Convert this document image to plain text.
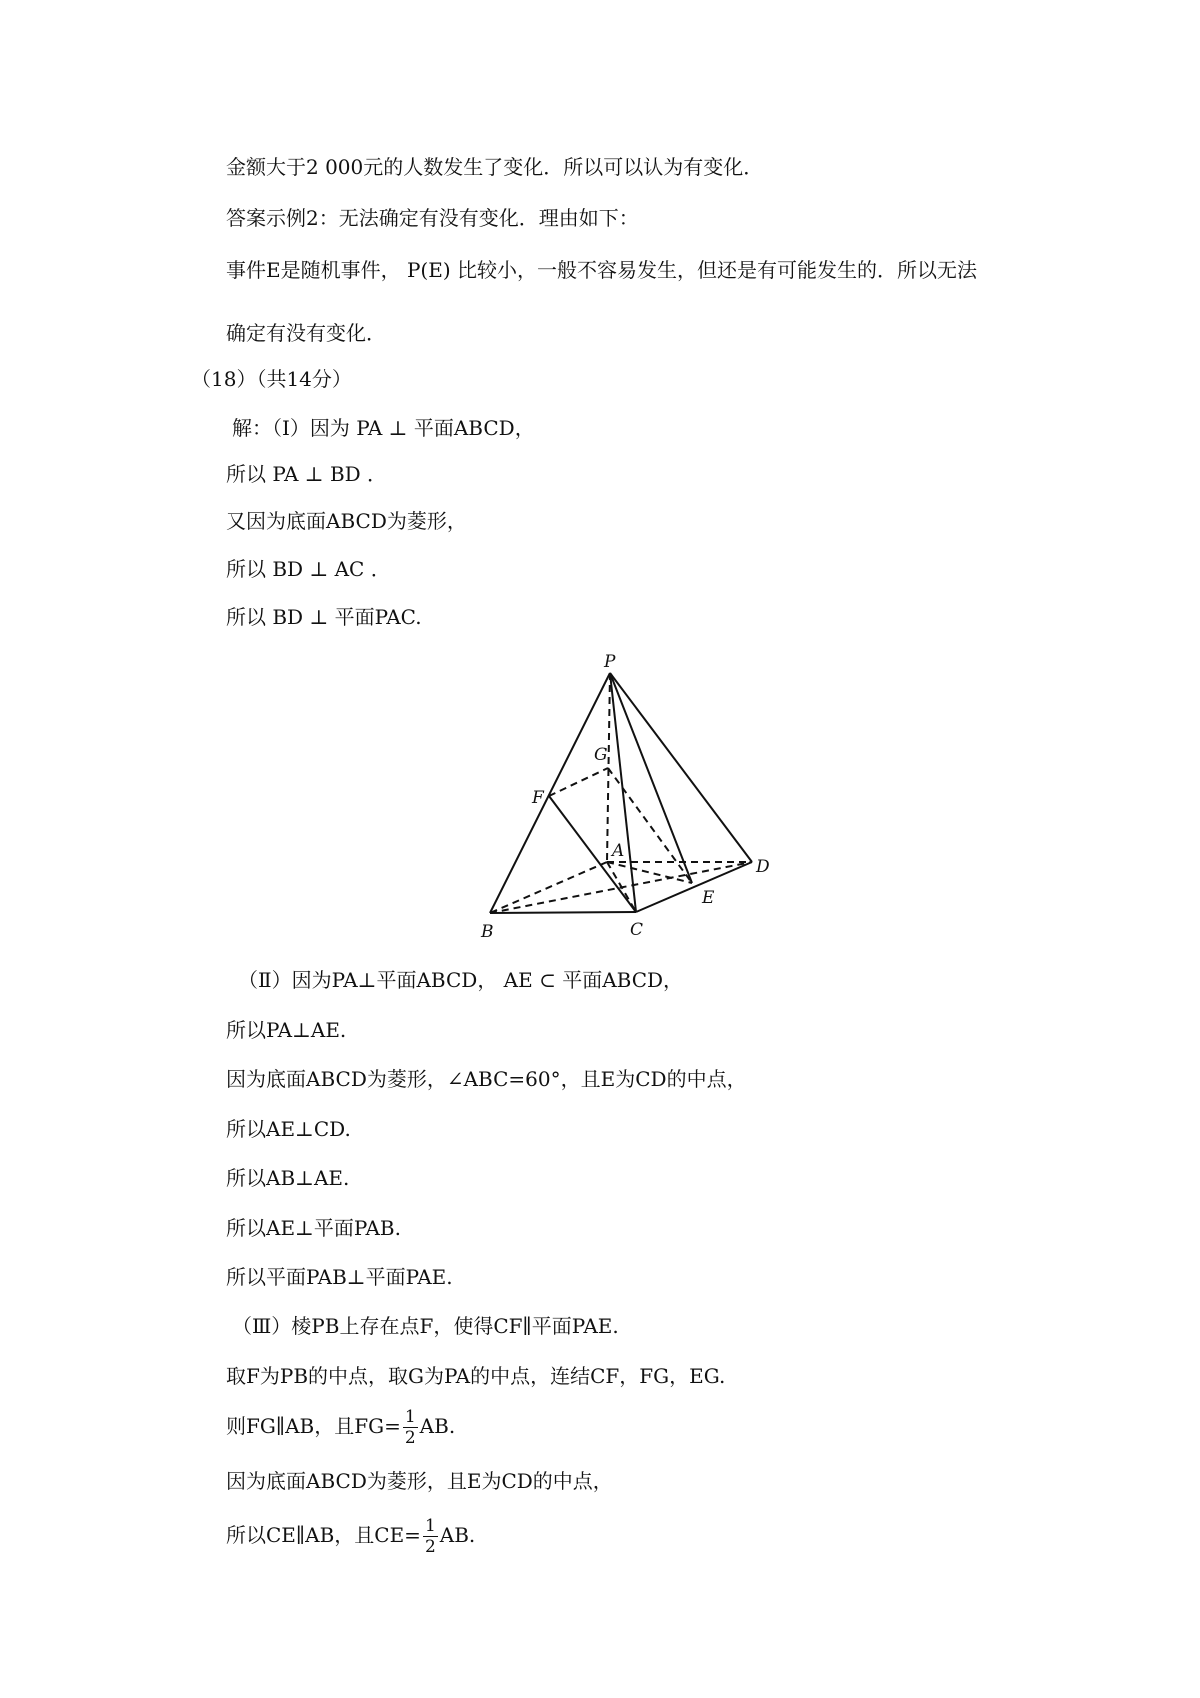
金额大于2 000元的人数发生了变化．所以可以认为有变化．
答案示例2：无法确定有没有变化．理由如下：
事件E是随机事件， P(E) 比较小，一般不容易发生，但还是有可能发生的．所以无法
确定有没有变化．
（18）（共14分）
解：（Ⅰ）因为 PA ⊥ 平面ABCD，
所以 PA ⊥ BD ．
又因为底面ABCD为菱形，
所以 BD ⊥ AC ．
所以 BD ⊥ 平面PAC.
P
G
F
A
D
E
B	C
（Ⅱ）因为PA⊥平面ABCD， AE ⊂ 平面ABCD，
所以PA⊥AE.
因为底面ABCD为菱形，∠ABC=60°，且E为CD的中点，
所以AE⊥CD.
所以AB⊥AE.
所以AE⊥平面PAB.
所以平面PAB⊥平面PAE.
（Ⅲ）棱PB上存在点F，使得CF∥平面PAE.
取F为PB的中点，取G为PA的中点，连结CF，FG，EG.
则FG∥AB，且$FG= \frac{1}{2}$ AB.
因为底面ABCD为菱形，且E为CD的中点，
所以CE∥AB，且$CE= \frac{1}{2}$ AB.
